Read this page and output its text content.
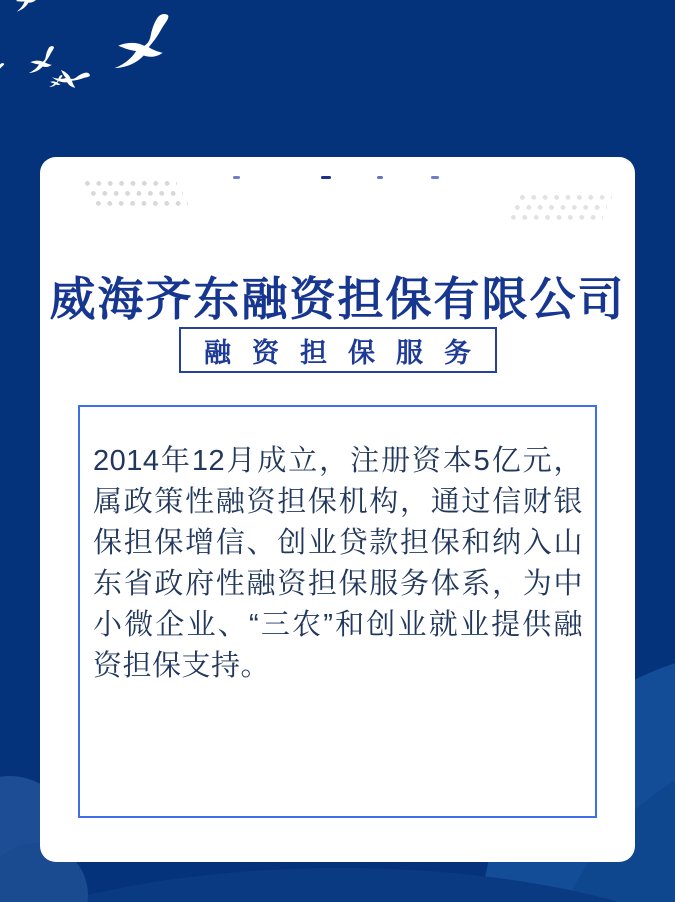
威海齐东融资担保有限公司
融资担保服务

2014年12月成立，注册资本5亿元，属政策性融资担保机构，通过信财银保担保增信、创业贷款担保和纳入山东省政府性融资担保服务体系，为中小微企业、“三农”和创业就业提供融资担保支持。
